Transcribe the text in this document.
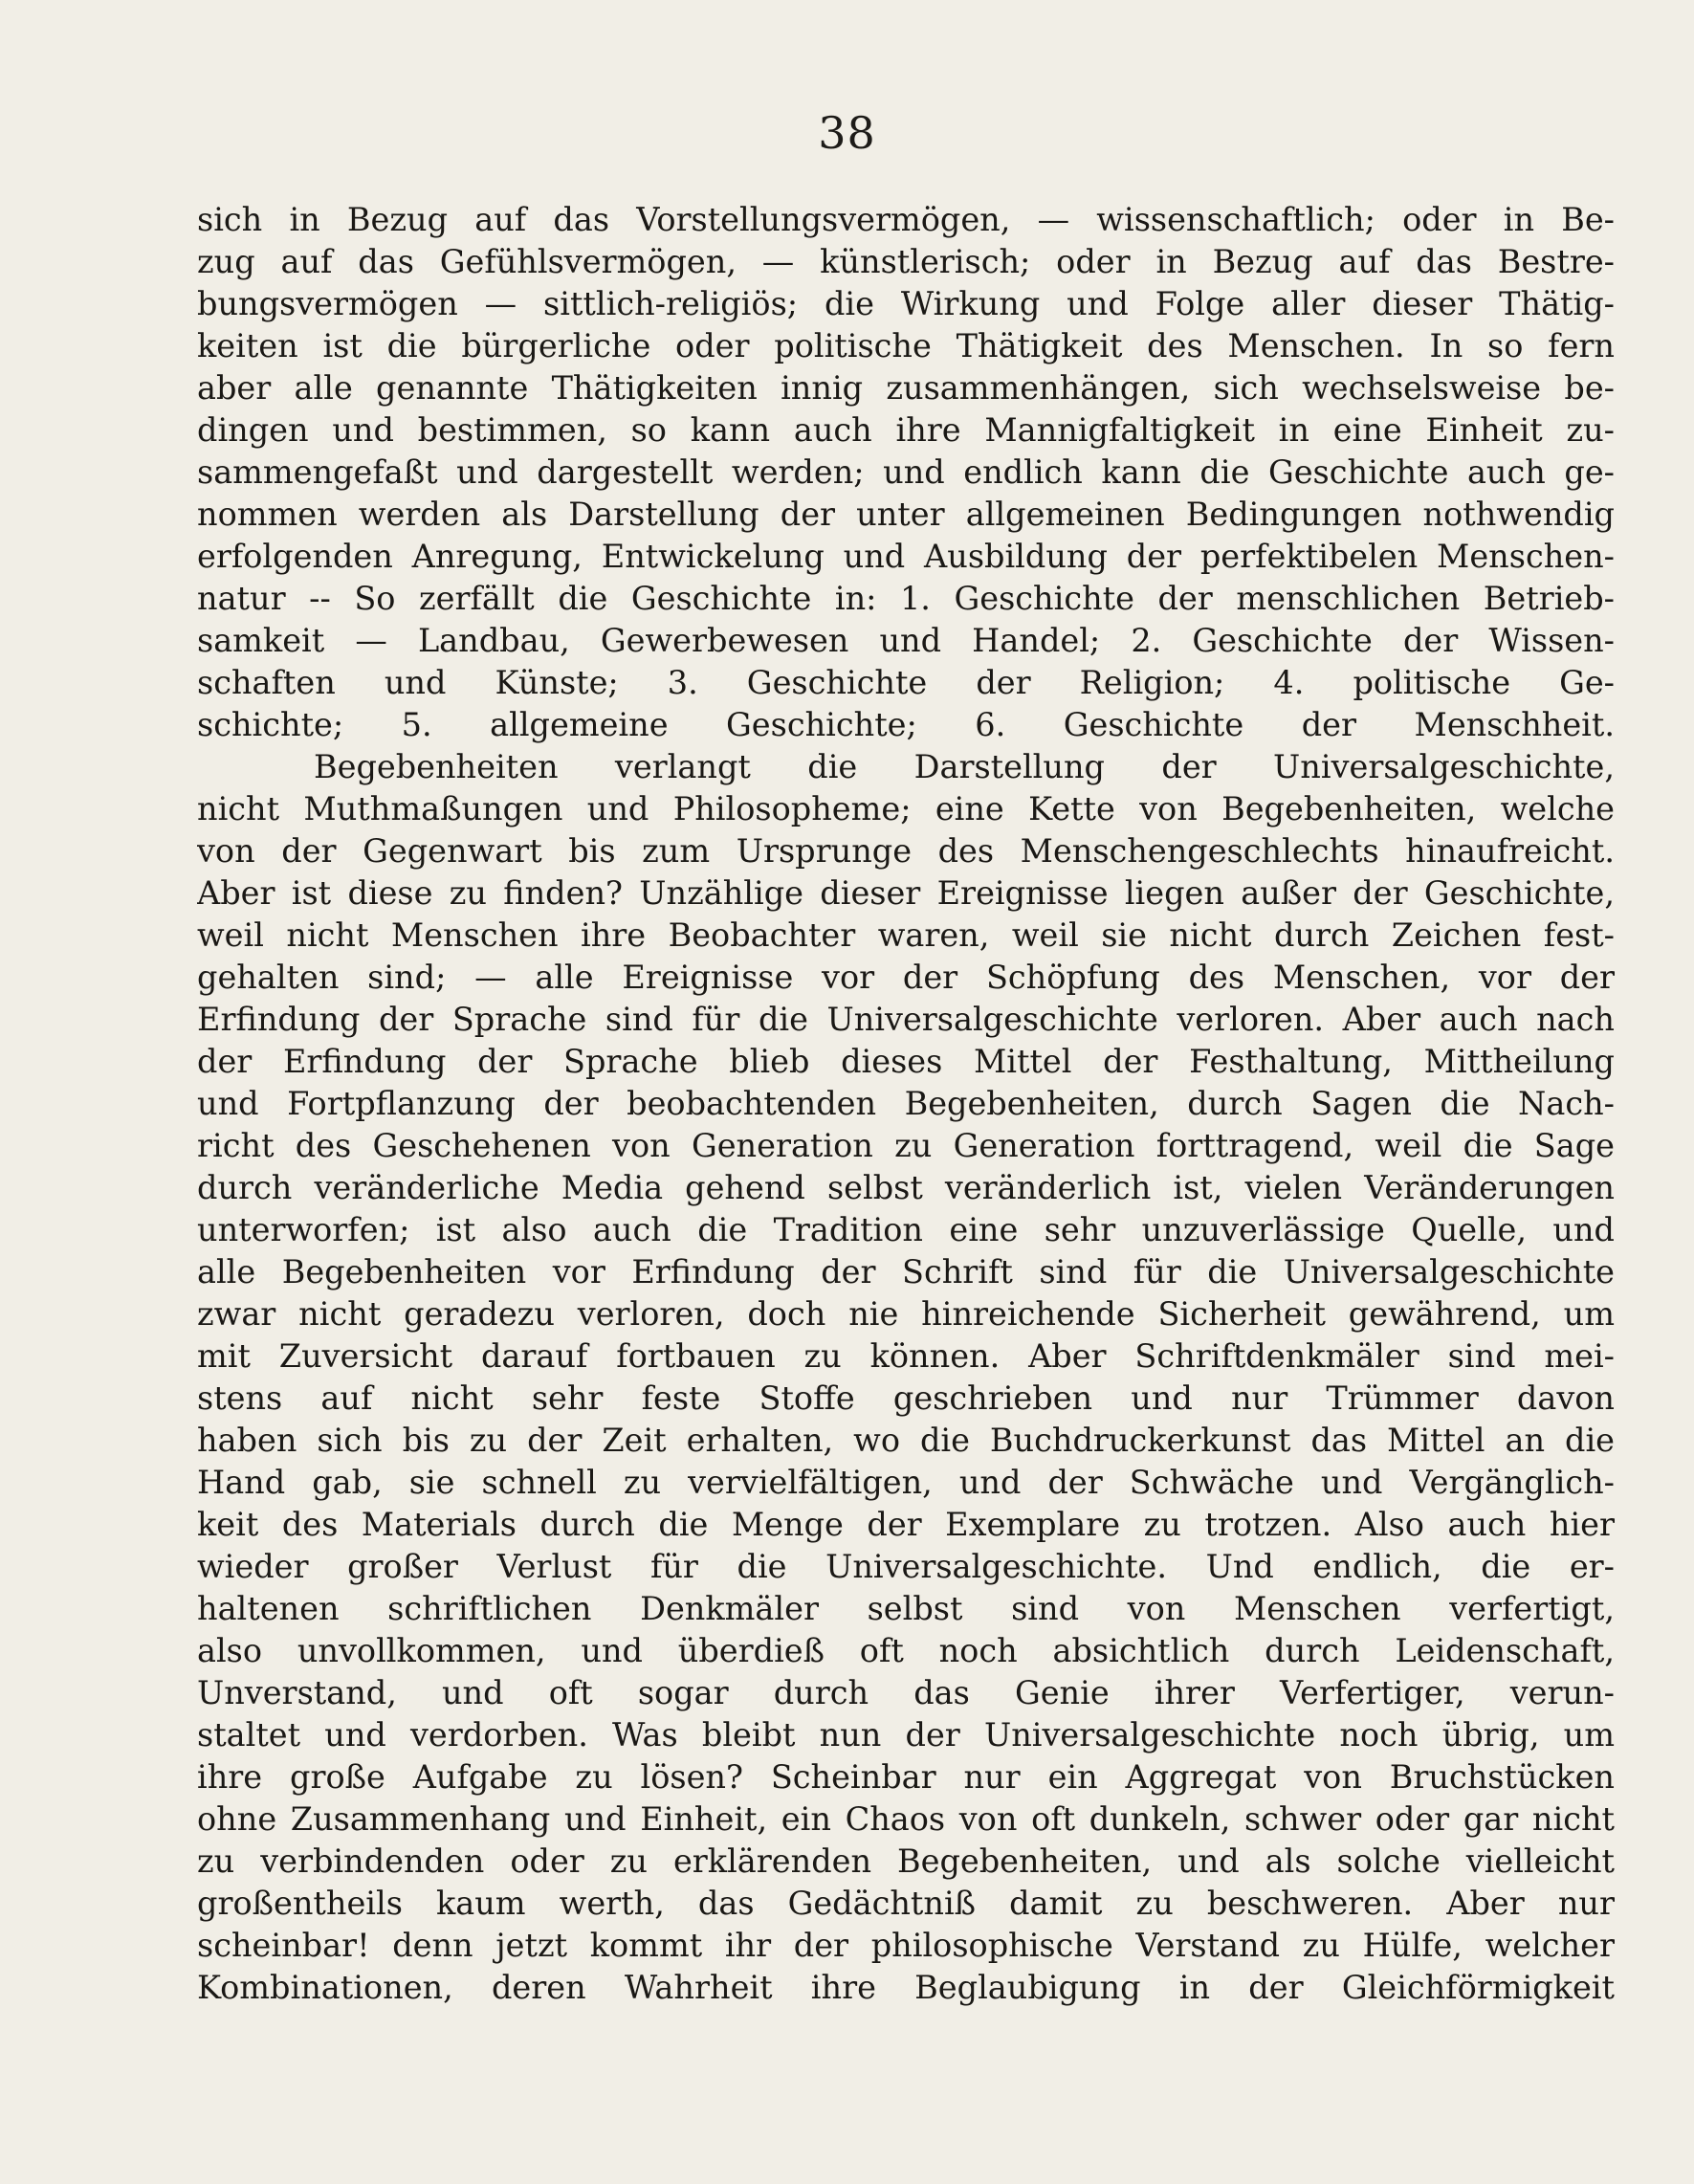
38
sich in Bezug auf das Vorstellungsvermögen, — wissenschaftlich; oder in Be-
zug auf das Gefühlsvermögen, — künstlerisch; oder in Bezug auf das Bestre-
bungsvermögen — sittlich-religiös; die Wirkung und Folge aller dieser Thätig-
keiten ist die bürgerliche oder politische Thätigkeit des Menschen. In so fern
aber alle genannte Thätigkeiten innig zusammenhängen, sich wechselsweise be-
dingen und bestimmen, so kann auch ihre Mannigfaltigkeit in eine Einheit zu-
sammengefaßt und dargestellt werden; und endlich kann die Geschichte auch ge-
nommen werden als Darstellung der unter allgemeinen Bedingungen nothwendig
erfolgenden Anregung, Entwickelung und Ausbildung der perfektibelen Menschen-
natur -- So zerfällt die Geschichte in: 1. Geschichte der menschlichen Betrieb-
samkeit — Landbau, Gewerbewesen und Handel; 2. Geschichte der Wissen-
schaften und Künste; 3. Geschichte der Religion; 4. politische Ge-
schichte; 5. allgemeine Geschichte; 6. Geschichte der Menschheit.
Begebenheiten verlangt die Darstellung der Universalgeschichte,
nicht Muthmaßungen und Philosopheme; eine Kette von Begebenheiten, welche
von der Gegenwart bis zum Ursprunge des Menschengeschlechts hinaufreicht.
Aber ist diese zu finden? Unzählige dieser Ereignisse liegen außer der Geschichte,
weil nicht Menschen ihre Beobachter waren, weil sie nicht durch Zeichen fest-
gehalten sind; — alle Ereignisse vor der Schöpfung des Menschen, vor der
Erfindung der Sprache sind für die Universalgeschichte verloren. Aber auch nach
der Erfindung der Sprache blieb dieses Mittel der Festhaltung, Mittheilung
und Fortpflanzung der beobachtenden Begebenheiten, durch Sagen die Nach-
richt des Geschehenen von Generation zu Generation forttragend, weil die Sage
durch veränderliche Media gehend selbst veränderlich ist, vielen Veränderungen
unterworfen; ist also auch die Tradition eine sehr unzuverlässige Quelle, und
alle Begebenheiten vor Erfindung der Schrift sind für die Universalgeschichte
zwar nicht geradezu verloren, doch nie hinreichende Sicherheit gewährend, um
mit Zuversicht darauf fortbauen zu können. Aber Schriftdenkmäler sind mei-
stens auf nicht sehr feste Stoffe geschrieben und nur Trümmer davon
haben sich bis zu der Zeit erhalten, wo die Buchdruckerkunst das Mittel an die
Hand gab, sie schnell zu vervielfältigen, und der Schwäche und Vergänglich-
keit des Materials durch die Menge der Exemplare zu trotzen. Also auch hier
wieder großer Verlust für die Universalgeschichte. Und endlich, die er-
haltenen schriftlichen Denkmäler selbst sind von Menschen verfertigt,
also unvollkommen, und überdieß oft noch absichtlich durch Leidenschaft,
Unverstand, und oft sogar durch das Genie ihrer Verfertiger, verun-
staltet und verdorben. Was bleibt nun der Universalgeschichte noch übrig, um
ihre große Aufgabe zu lösen? Scheinbar nur ein Aggregat von Bruchstücken
ohne Zusammenhang und Einheit, ein Chaos von oft dunkeln, schwer oder gar nicht
zu verbindenden oder zu erklärenden Begebenheiten, und als solche vielleicht
großentheils kaum werth, das Gedächtniß damit zu beschweren. Aber nur
scheinbar! denn jetzt kommt ihr der philosophische Verstand zu Hülfe, welcher
Kombinationen, deren Wahrheit ihre Beglaubigung in der Gleichförmigkeit
